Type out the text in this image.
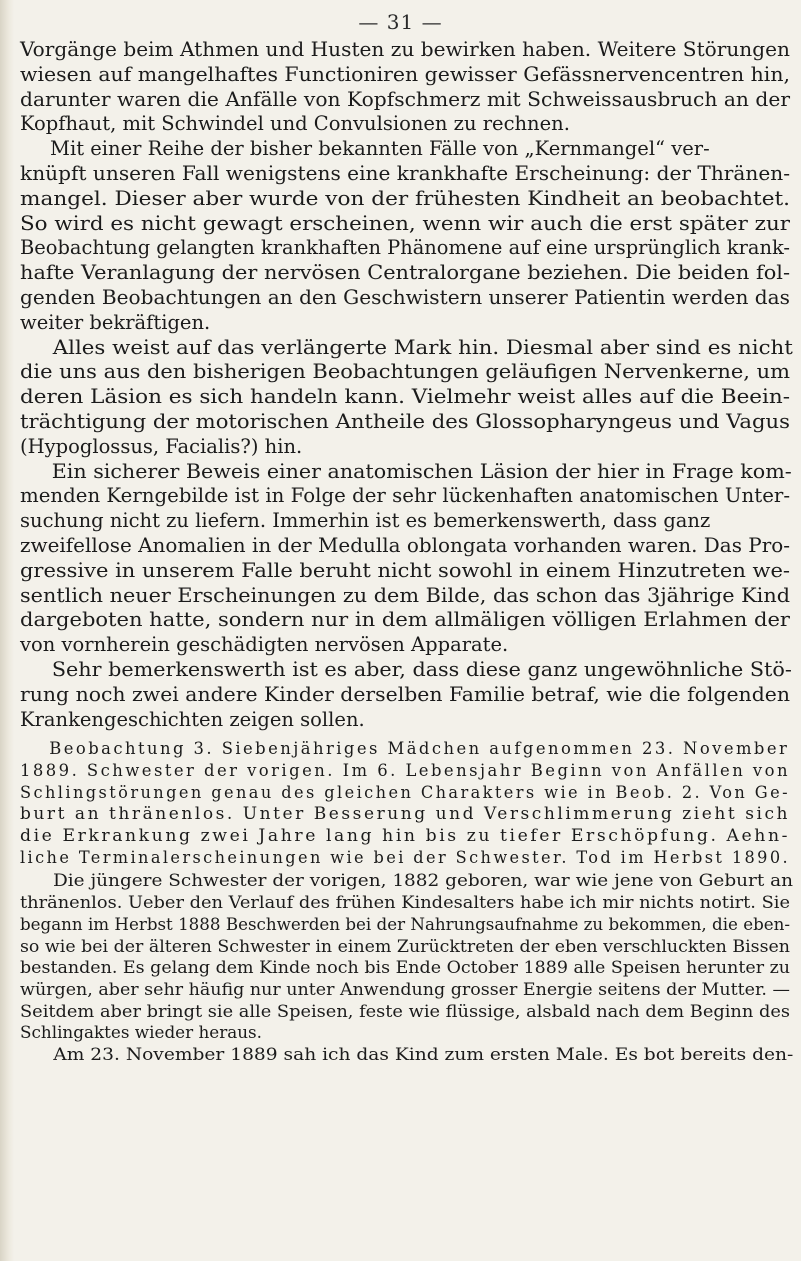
— 31 —
Vorgänge beim Athmen und Husten zu bewirken haben. Weitere Störungen
wiesen auf mangelhaftes Functioniren gewisser Gefässnervencentren hin,
darunter waren die Anfälle von Kopfschmerz mit Schweissausbruch an der
Kopfhaut, mit Schwindel und Convulsionen zu rechnen.
Mit einer Reihe der bisher bekannten Fälle von „Kernmangel“ ver-
knüpft unseren Fall wenigstens eine krankhafte Erscheinung: der Thränen-
mangel. Dieser aber wurde von der frühesten Kindheit an beobachtet.
So wird es nicht gewagt erscheinen, wenn wir auch die erst später zur
Beobachtung gelangten krankhaften Phänomene auf eine ursprünglich krank-
hafte Veranlagung der nervösen Centralorgane beziehen. Die beiden fol-
genden Beobachtungen an den Geschwistern unserer Patientin werden das
weiter bekräftigen.
Alles weist auf das verlängerte Mark hin. Diesmal aber sind es nicht
die uns aus den bisherigen Beobachtungen geläufigen Nervenkerne, um
deren Läsion es sich handeln kann. Vielmehr weist alles auf die Beein-
trächtigung der motorischen Antheile des Glossopharyngeus und Vagus
(Hypoglossus, Facialis?) hin.
Ein sicherer Beweis einer anatomischen Läsion der hier in Frage kom-
menden Kerngebilde ist in Folge der sehr lückenhaften anatomischen Unter-
suchung nicht zu liefern. Immerhin ist es bemerkenswerth, dass ganz
zweifellose Anomalien in der Medulla oblongata vorhanden waren. Das Pro-
gressive in unserem Falle beruht nicht sowohl in einem Hinzutreten we-
sentlich neuer Erscheinungen zu dem Bilde, das schon das 3jährige Kind
dargeboten hatte, sondern nur in dem allmäligen völligen Erlahmen der
von vornherein geschädigten nervösen Apparate.
Sehr bemerkenswerth ist es aber, dass diese ganz ungewöhnliche Stö-
rung noch zwei andere Kinder derselben Familie betraf, wie die folgenden
Krankengeschichten zeigen sollen.
Beobachtung 3. Siebenjähriges Mädchen aufgenommen 23. November
1889. Schwester der vorigen. Im 6. Lebensjahr Beginn von Anfällen von
Schlingstörungen genau des gleichen Charakters wie in Beob. 2. Von Ge-
burt an thränenlos. Unter Besserung und Verschlimmerung zieht sich
die Erkrankung zwei Jahre lang hin bis zu tiefer Erschöpfung. Aehn-
liche Terminalerscheinungen wie bei der Schwester. Tod im Herbst 1890.
Die jüngere Schwester der vorigen, 1882 geboren, war wie jene von Geburt an
thränenlos. Ueber den Verlauf des frühen Kindesalters habe ich mir nichts notirt. Sie
begann im Herbst 1888 Beschwerden bei der Nahrungsaufnahme zu bekommen, die eben-
so wie bei der älteren Schwester in einem Zurücktreten der eben verschluckten Bissen
bestanden. Es gelang dem Kinde noch bis Ende October 1889 alle Speisen herunter zu
würgen, aber sehr häufig nur unter Anwendung grosser Energie seitens der Mutter. —
Seitdem aber bringt sie alle Speisen, feste wie flüssige, alsbald nach dem Beginn des
Schlingaktes wieder heraus.
Am 23. November 1889 sah ich das Kind zum ersten Male. Es bot bereits den-
